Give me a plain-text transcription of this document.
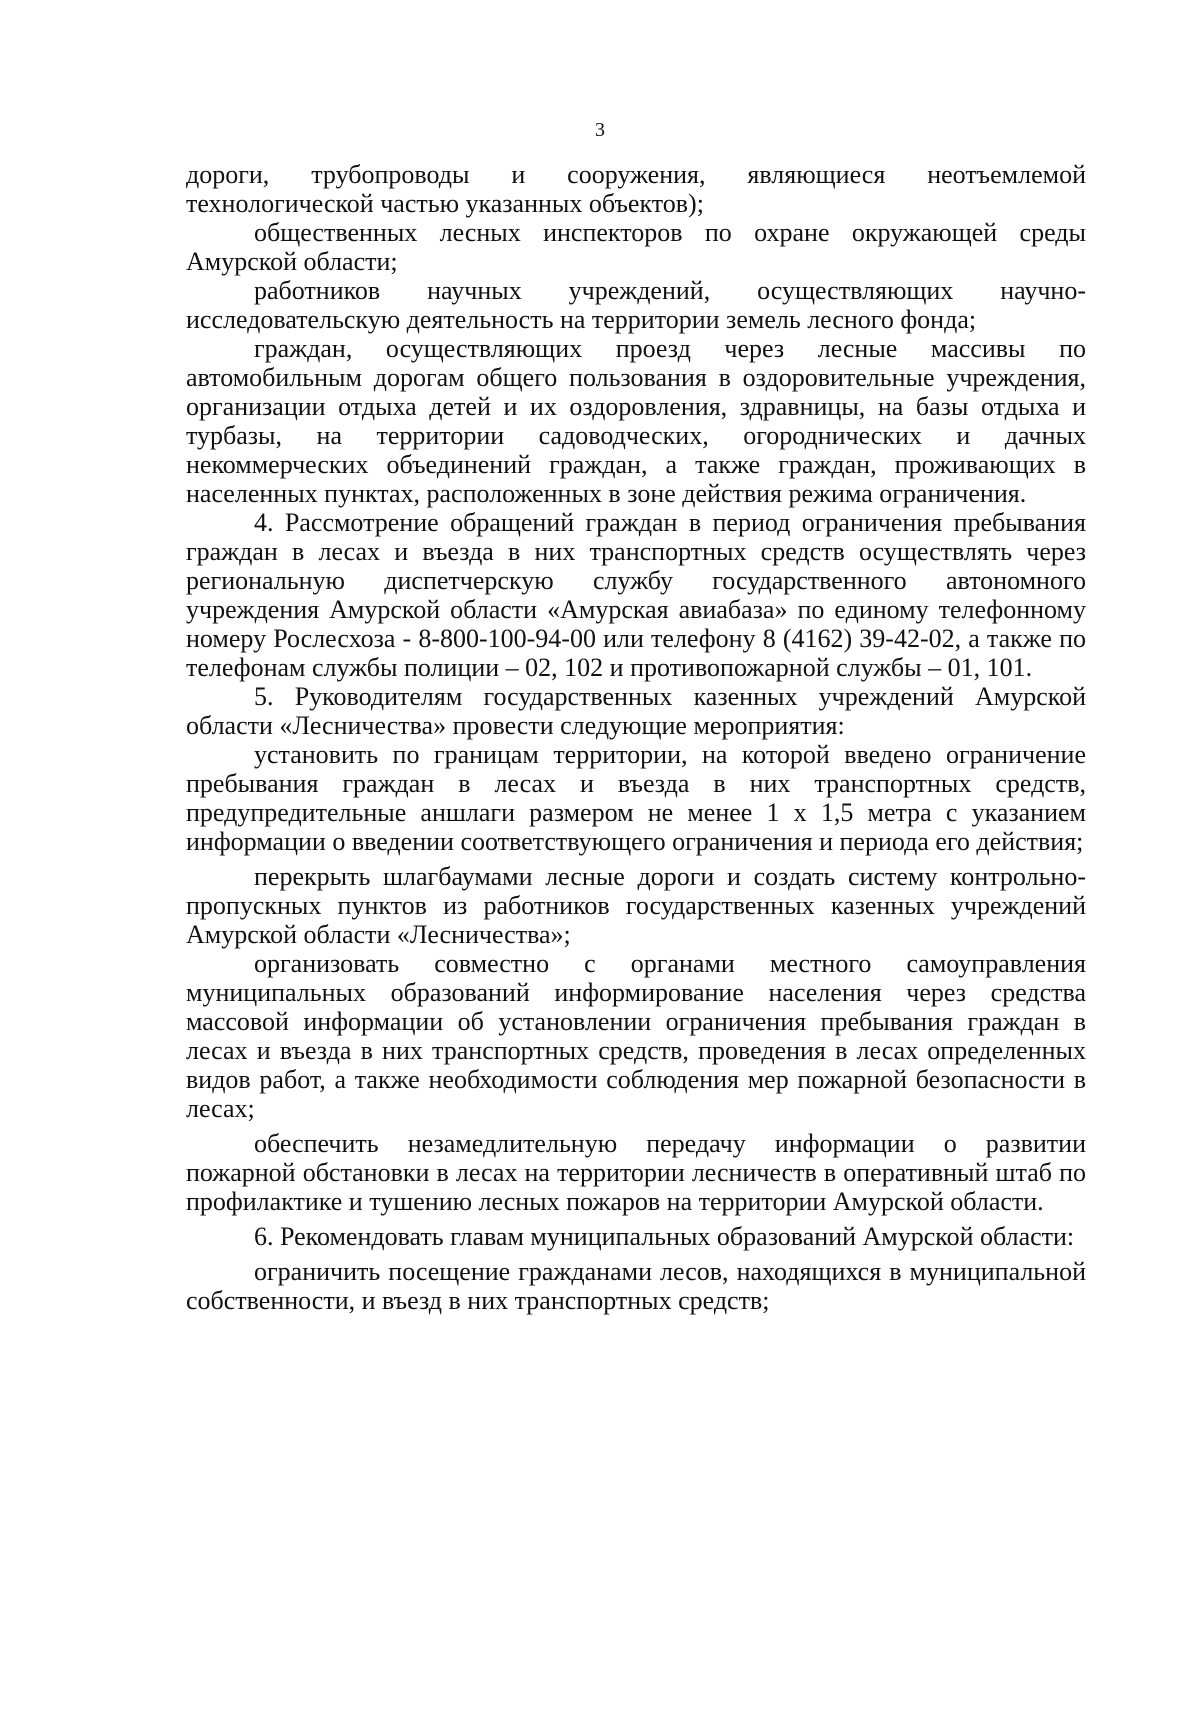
3

дороги, трубопроводы и сооружения, являющиеся неотъемлемой технологической частью указанных объектов);

общественных лесных инспекторов по охране окружающей среды Амурской области;

работников научных учреждений, осуществляющих научно-исследовательскую деятельность на территории земель лесного фонда;

граждан, осуществляющих проезд через лесные массивы по автомобильным дорогам общего пользования в оздоровительные учреждения, организации отдыха детей и их оздоровления, здравницы, на базы отдыха и турбазы, на территории садоводческих, огороднических и дачных некоммерческих объединений граждан, а также граждан, проживающих в населенных пунктах, расположенных в зоне действия режима ограничения.

4. Рассмотрение обращений граждан в период ограничения пребывания граждан в лесах и въезда в них транспортных средств осуществлять через региональную диспетчерскую службу государственного автономного учреждения Амурской области «Амурская авиабаза» по единому телефонному номеру Рослесхоза - 8-800-100-94-00 или телефону 8 (4162) 39-42-02, а также по телефонам службы полиции – 02, 102 и противопожарной службы – 01, 101.

5. Руководителям государственных казенных учреждений Амурской области «Лесничества» провести следующие мероприятия:

установить по границам территории, на которой введено ограничение пребывания граждан в лесах и въезда в них транспортных средств, предупредительные аншлаги размером не менее 1 х 1,5 метра с указанием информации о введении соответствующего ограничения и периода его действия;

перекрыть шлагбаумами лесные дороги и создать систему контрольно-пропускных пунктов из работников государственных казенных учреждений Амурской области «Лесничества»;

организовать совместно с органами местного самоуправления муниципальных образований информирование населения через средства массовой информации об установлении ограничения пребывания граждан в лесах и въезда в них транспортных средств, проведения в лесах определенных видов работ, а также необходимости соблюдения мер пожарной безопасности в лесах;

обеспечить незамедлительную передачу информации о развитии пожарной обстановки в лесах на территории лесничеств в оперативный штаб по профилактике и тушению лесных пожаров на территории Амурской области.

6. Рекомендовать главам муниципальных образований Амурской области:

ограничить посещение гражданами лесов, находящихся в муниципальной собственности, и въезд в них транспортных средств;
